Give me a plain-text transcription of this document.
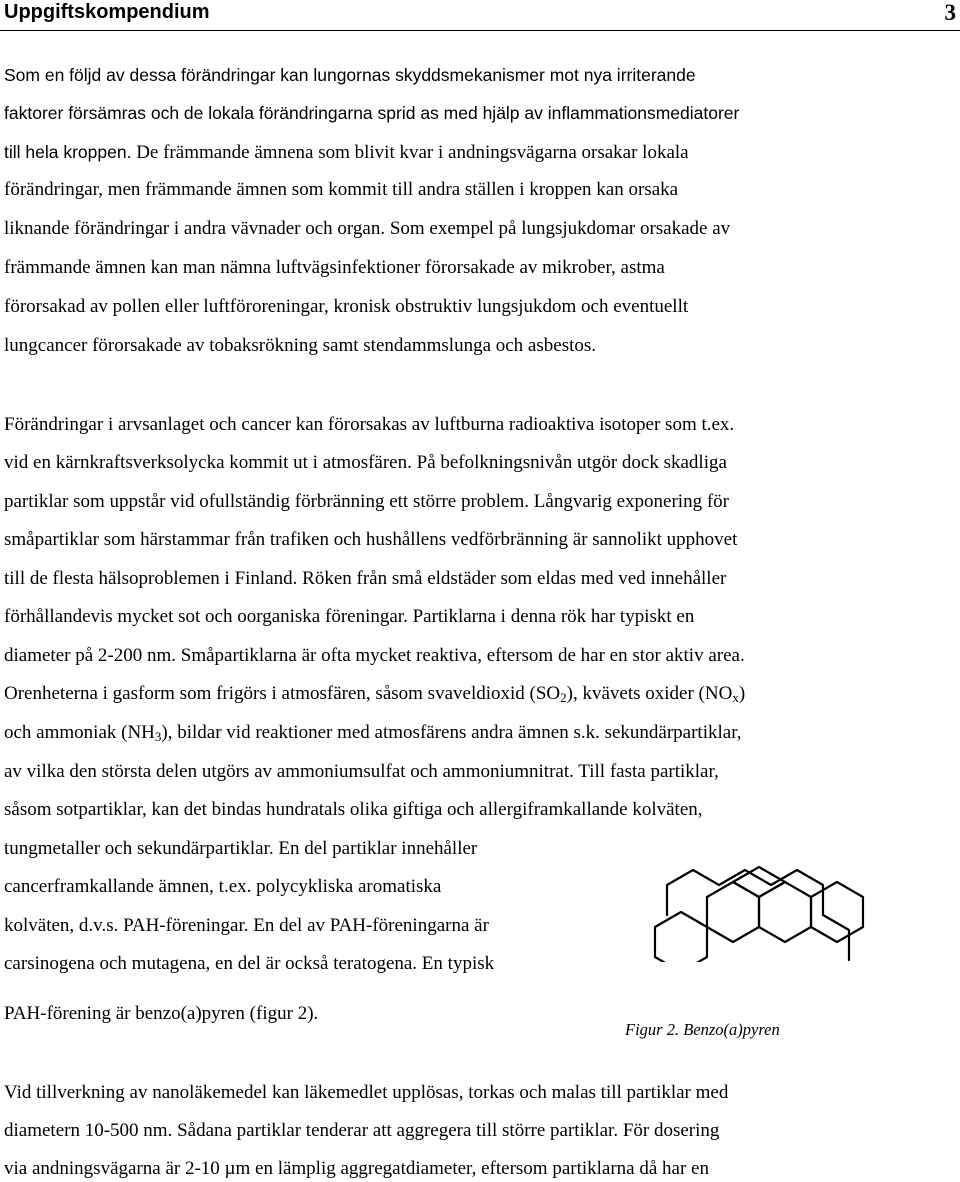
Uppgiftskompendium	3
Som en följd av dessa förändringar kan lungornas skyddsmekanismer mot nya irriterande
faktorer försämras och de lokala förändringarna sprid as med hjälp av inflammationsmediatorer
till hela kroppen. De främmande ämnena som blivit kvar i andningsvägarna orsakar lokala
förändringar, men främmande ämnen som kommit till andra ställen i kroppen kan orsaka
liknande förändringar i andra vävnader och organ. Som exempel på lungsjukdomar orsakade av
främmande ämnen kan man nämna luftvägsinfektioner förorsakade av mikrober, astma
förorsakad av pollen eller luftföroreningar, kronisk obstruktiv lungsjukdom och eventuellt
lungcancer förorsakade av tobaksrökning samt stendammslunga och asbestos.
Förändringar i arvsanlaget och cancer kan förorsakas av luftburna radioaktiva isotoper som t.ex.
vid en kärnkraftsverksolycka kommit ut i atmosfären. På befolkningsnivån utgör dock skadliga
partiklar som uppstår vid ofullständig förbränning ett större problem. Långvarig exponering för
småpartiklar som härstammar från trafiken och hushållens vedförbränning är sannolikt upphovet
till de flesta hälsoproblemen i Finland. Röken från små eldstäder som eldas med ved innehåller
förhållandevis mycket sot och oorganiska föreningar. Partiklarna i denna rök har typiskt en
diameter på 2-200 nm. Småpartiklarna är ofta mycket reaktiva, eftersom de har en stor aktiv area.
Orenheterna i gasform som frigörs i atmosfären, såsom svaveldioxid $(SO_2)$, kvävets oxider $(NO_x)$
och ammoniak $(NH_3)$, bildar vid reaktioner med atmosfärens andra ämnen s.k. sekundärpartiklar,
av vilka den största delen utgörs av ammoniumsulfat och ammoniumnitrat. Till fasta partiklar,
såsom sotpartiklar, kan det bindas hundratals olika giftiga och allergiframkallande kolväten,
tungmetaller och sekundärpartiklar. En del partiklar innehåller
cancerframkallande ämnen, t.ex. polycykliska aromatiska
kolväten, d.v.s. PAH-föreningar. En del av PAH-föreningarna är
carsinogena och mutagena, en del är också teratogena. En typisk
PAH-förening är benzo(a)pyren (figur 2).
Figur 2. Benzo(a)pyren
Vid tillverkning av nanoläkemedel kan läkemedlet upplösas, torkas och malas till partiklar med
diametern 10-500 nm. Sådana partiklar tenderar att aggregera till större partiklar. För dosering
via andningsvägarna är 2-10 µm en lämplig aggregatdiameter, eftersom partiklarna då har en
